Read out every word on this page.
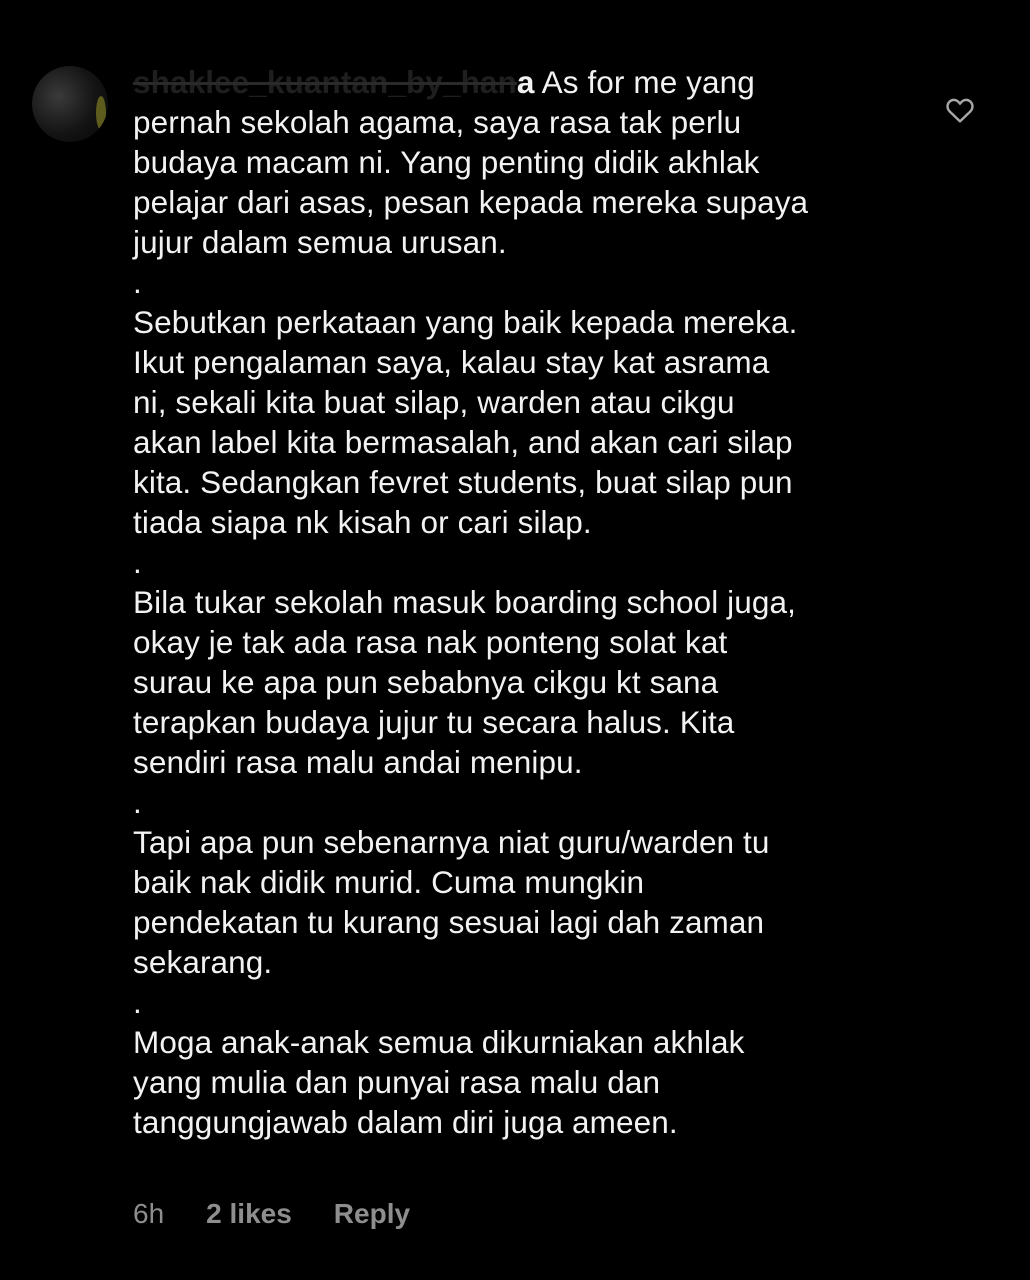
shaklee_kuantan_by_hana As for me yang

pernah sekolah agama, saya rasa tak perlu
budaya macam ni. Yang penting didik akhlak
pelajar dari asas, pesan kepada mereka supaya
jujur dalam semua urusan.

.

Sebutkan perkataan yang baik kepada mereka.
Ikut pengalaman saya, kalau stay kat asrama
ni, sekali kita buat silap, warden atau cikgu
akan label kita bermasalah, and akan cari silap
kita. Sedangkan fevret students, buat silap pun
tiada siapa nk kisah or cari silap.

.

Bila tukar sekolah masuk boarding school juga,
okay je tak ada rasa nak ponteng solat kat
surau ke apa pun sebabnya cikgu kt sana
terapkan budaya jujur tu secara halus. Kita
sendiri rasa malu andai menipu.

.

Tapi apa pun sebenarnya niat guru/warden tu
baik nak didik murid. Cuma mungkin
pendekatan tu kurang sesuai lagi dah zaman
sekarang.

.

Moga anak-anak semua dikurniakan akhlak
yang mulia dan punyai rasa malu dan
tanggungjawab dalam diri juga ameen.

6h 2 likes Reply
